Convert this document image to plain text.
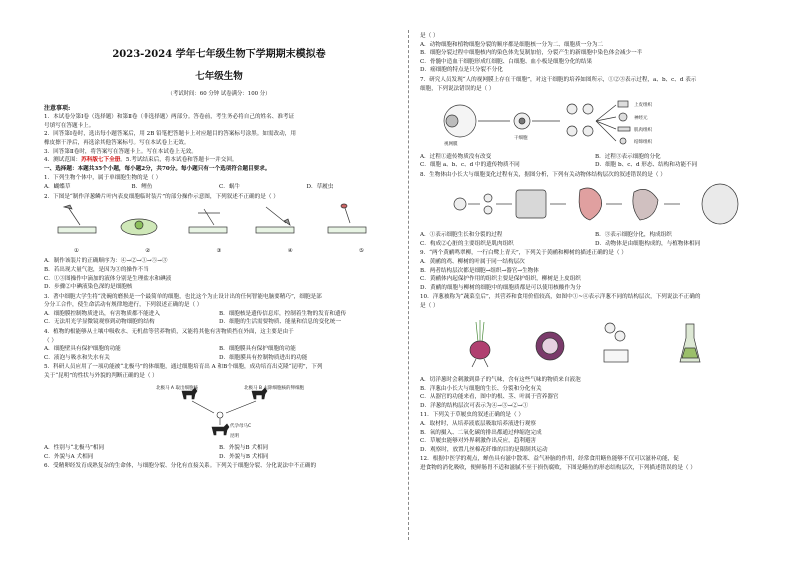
2023-2024 学年七年级生物下学期期末模拟卷
七年级生物
（考试时间：60 分钟 试卷满分：100 分）
注意事项:
1．本试卷分第Ⅰ卷（选择题）和第Ⅱ卷（非选择题）两部分。答卷前，考生务必将自己的姓名、准考证
号填写在答题卡上。
2．回答第Ⅰ卷时，选出每小题答案后，用 2B 铅笔把答题卡上对应题目的答案标号涂黑。如需改动，用
橡皮擦干净后，再选涂其他答案标号。写在本试卷上无效。
3．回答第Ⅱ卷时，将答案写在答题卡上。写在本试卷上无效。
4．测试范围：苏科版七下全册。5.考试结束后，将本试卷和答题卡一并交回。
一、选择题：本题共35个小题，每小题2分，共70分。每小题只有一个选项符合题目要求。
1．下列生物个体中，属于单细胞生物的是（ ）
A．蝴蝶草	B．鲤鱼	C．蜗牛	D．草履虫
2．下图是“制作洋葱鳞片叶内表皮细胞临时装片”的部分操作示意图，下列叙述不正确的是（ ）
①	②	③	④	⑤
A．制作该装片的正确顺序为：④→②→①→⑤→③
B．若出现大量气泡，是因为③的操作不当
C．①③图操作中滴加的液体分别是生理盐水和碘液
D．步骤②中碘液染色深的是细胞核
3．著中细胞大学生将“洗碗的磨损是一个最简单的细胞，也比这个为止设计出的任何智能电脑要精巧”，细胞是部
分分工合作，使生命活动有规律地进行，下列叙述正确的是（ ）
A．细胞膜控制物质进出，有害物质都不能进入	B．细胞核是遗传信息库，控制着生物的发育和遗传
C．无法用光学显微镜观察到动物细胞的结构	D．细胞的生活需要物质、能量和信息的变化统一
4．植物的根能够从土壤中吸收水、无机盐等营养物质，又能将其他有害物质挡在外面，这主要是由于
（ ）
A．细胞壁具有保护细胞的功能	B．细胞膜具有保护细胞的功能
C．液泡与吸水和失水有关	D．细胞膜具有控制物质进出的功能
5．科研人员应用了一项功能被“北极马”的体细胞，通过细胞培育出 A 和B个细胞，成功培育出克隆“昆明”，下列
关于“昆明”的性状与外貌的判断正确的是（ ）
北极马 A 取出细胞核	北极马 B 去除细胞核的卵细胞
代孕母马C
昆明
A．性别与“北极马”相同	B．外貌与B 犬相同
C．外貌与A 犬相同	D．外貌与B 犬相同
6．受精卵经发育成熟复杂的生命体，与细胞分裂、分化有直接关系。下列关于细胞分裂、分化说法中不正确的
是（ ）
A．动物细胞和植物细胞分裂的顺序都是细胞核一分为二、细胞质一分为二
B．细胞分裂过程中细胞核内的染色体先复制加倍，分裂产生的新细胞中染色体会减少一半
C．骨髓中造血干细胞形成红细胞、白细胞、血小板是细胞分化的结果
D．癌细胞的特点是只分裂不分化
7．研究人员发现“人的视网膜上存在干细胞”，对这干细胞的培养如图所示，①②③表示过程，a、b、c、d 表示
细胞，下列说法错误的是（ ）
视网膜
干细胞
上皮组织
神经元
肌肉组织
结缔组织
A．过程①遗传物质没有改变	B．过程③表示细胞的分化
C．细胞 a、b、c、d 中的遗传物质不同	D．细胞 b、c、d 形态、结构和功能不同
8．生物体由小长大与细胞变化过程有关，据图分析，下列有关动物体结构层次的叙述错误的是（ ）
A．①表示细胞生长和分裂的过程	B．③表示细胞分化，构成组织
C．构成②心脏的主要组织是肌肉组织	D．动物体是由细胞构成的，与植物体相同
9．“两个黄鹂鸣翠柳，一行白鹭上青天”，下列关于黄鹂和柳树的描述正确的是（ ）
A．黄鹂的鸡、柳树的叶属于同一结构层次
B．两者结构层次都是细胞→组织→器官→生物体
C．黄鹂体内起保护作用的组织主要是保护组织，柳树是上皮组织
D．黄鹂的细胞与柳树的细胞中的细胞质都是可以使用核酸作为分
10．洋葱被称为“蔬菜皇后”，其营养和食用价值较高，如图中①~④表示洋葱不同的结构层次，下列说法不正确的
是（ ）
A．切洋葱时会刺激到鼻子的气味，含有这些气味的物质来自液泡
B．洋葱由小长大与细胞的生长、分裂和分化有关
C．从器官的功能来看，图中的根、茎、叶属于营养器官
D．洋葱的结构层次可表示为④→③→②→①
11．下列关于草履虫的叙述正确的是（ ）
A．取材时，从培养液底层吸取培养液进行观察
B．氧的摄入、二氧化碳的排出都通过伸缩泡完成
C．草履虫能够对外界刺激作出反应，趋利避害
D．观察时，放置几丝棉花纤维的目的是限制其运动
12．根据中医学的观点，蝉鱼具有滋中散寒、益气补脑的作用，经常食用鳝鱼能够不仅可以滋补功能，促
进食物的消化吸收，便鲜肠胃不适和滋腻不至于损伤腐败，下图是鳝鱼的形态结构层次，下列描述错误的是（ ）
